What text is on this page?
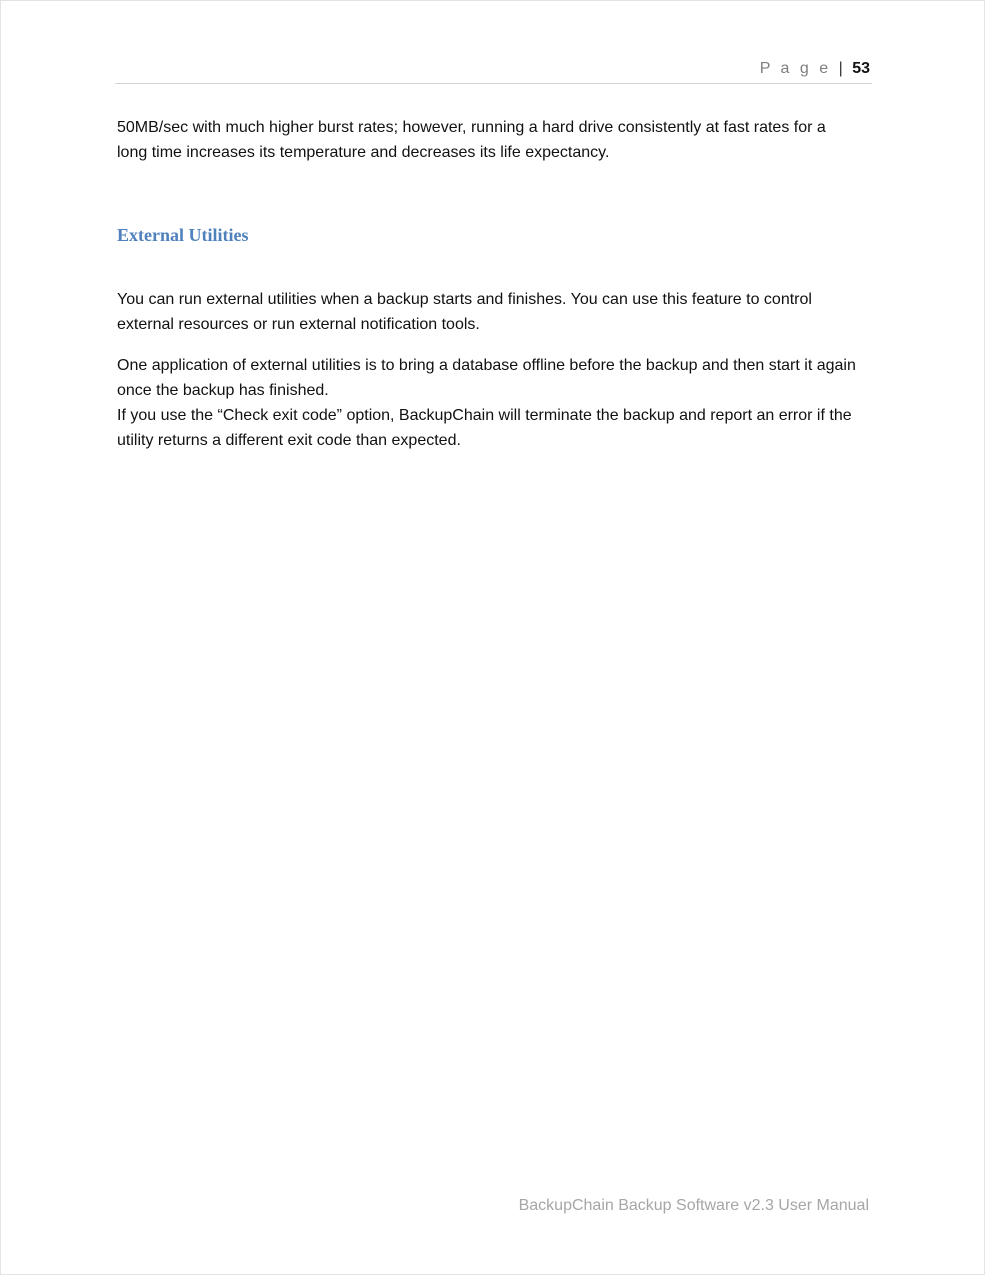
P a g e | 53

50MB/sec with much higher burst rates; however, running a hard drive consistently at fast rates for a long time increases its temperature and decreases its life expectancy.

External Utilities

You can run external utilities when a backup starts and finishes. You can use this feature to control external resources or run external notification tools.

One application of external utilities is to bring a database offline before the backup and then start it again once the backup has finished.

If you use the “Check exit code” option, BackupChain will terminate the backup and report an error if the utility returns a different exit code than expected.

BackupChain Backup Software v2.3 User Manual
